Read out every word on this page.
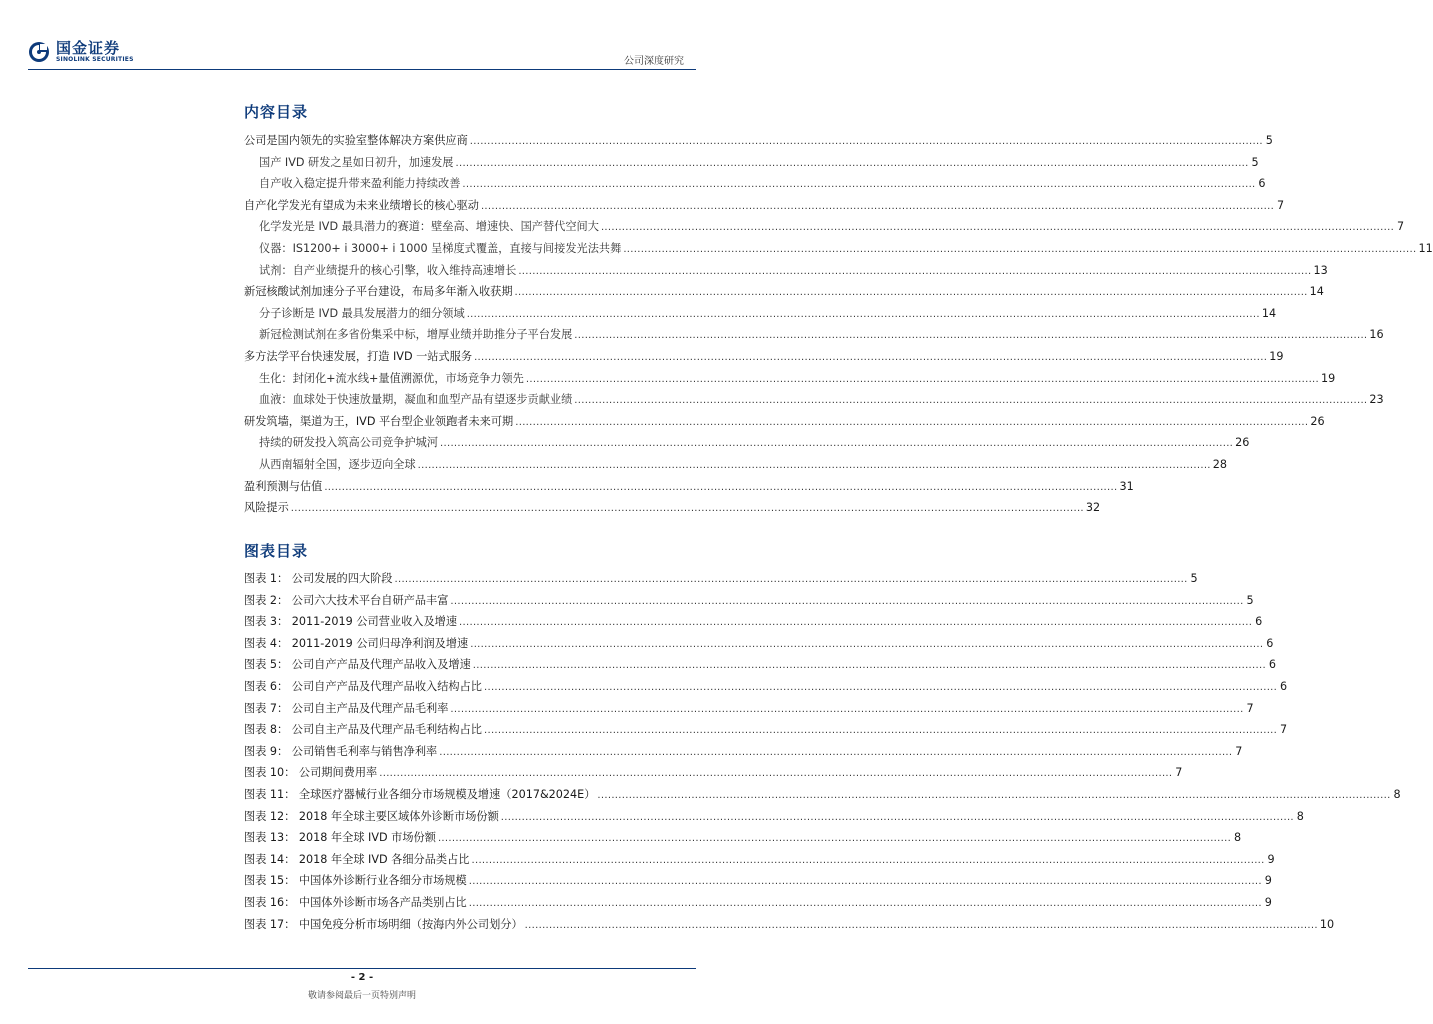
国金证券
SINOLINK SECURITIES	公司深度研究
内容目录
公司是国内领先的实验室整体解决方案供应商 .....	5
国产 IVD 研发之星如日初升，加速发展 .....	5
自产收入稳定提升带来盈利能力持续改善 .....	6
自产化学发光有望成为未来业绩增长的核心驱动 .....	7
化学发光是 IVD 最具潜力的赛道：壁垒高、增速快、国产替代空间大 .....	7
仪器：IS1200+ i 3000+ i 1000 呈梯度式覆盖，直接与间接发光法共舞 .....	11
试剂：自产业绩提升的核心引擎，收入维持高速增长 .....	13
新冠核酸试剂加速分子平台建设，布局多年渐入收获期 .....	14
分子诊断是 IVD 最具发展潜力的细分领域 .....	14
新冠检测试剂在多省份集采中标，增厚业绩并助推分子平台发展 .....	16
多方法学平台快速发展，打造 IVD 一站式服务 .....	19
生化：封闭化+流水线+量值溯源优，市场竞争力领先 .....	19
血液：血球处于快速放量期，凝血和血型产品有望逐步贡献业绩 .....	23
研发筑墙，渠道为王，IVD 平台型企业领跑者未来可期 .....	26
持续的研发投入筑高公司竞争护城河 .....	26
从西南辐射全国，逐步迈向全球 .....	28
盈利预测与估值 .....	31
风险提示 .....	32
图表目录
图表 1： 公司发展的四大阶段 .....	5
图表 2： 公司六大技术平台自研产品丰富 .....	5
图表 3： 2011-2019 公司营业收入及增速 .....	6
图表 4： 2011-2019 公司归母净利润及增速 .....	6
图表 5： 公司自产产品及代理产品收入及增速 .....	6
图表 6： 公司自产产品及代理产品收入结构占比 .....	6
图表 7： 公司自主产品及代理产品毛利率 .....	7
图表 8： 公司自主产品及代理产品毛利结构占比 .....	7
图表 9： 公司销售毛利率与销售净利率 .....	7
图表 10： 公司期间费用率 .....	7
图表 11： 全球医疗器械行业各细分市场规模及增速（2017&2024E） .....	8
图表 12： 2018 年全球主要区域体外诊断市场份额 .....	8
图表 13： 2018 年全球 IVD 市场份额 .....	8
图表 14： 2018 年全球 IVD 各细分品类占比 .....	9
图表 15： 中国体外诊断行业各细分市场规模 .....	9
图表 16： 中国体外诊断市场各产品类别占比 .....	9
图表 17： 中国免疫分析市场明细（按海内外公司划分） .....	10
- 2 -
敬请参阅最后一页特别声明
